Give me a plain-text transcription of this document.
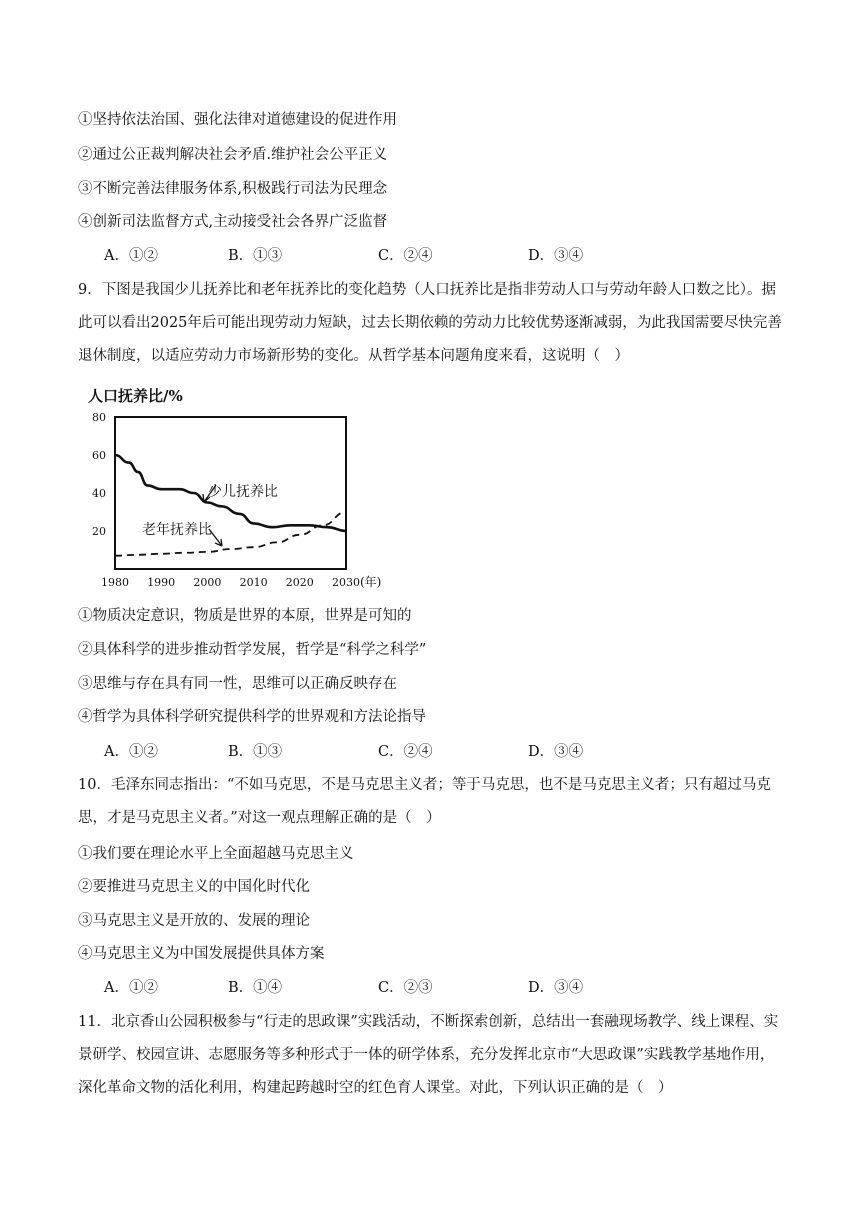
①坚持依法治国、强化法律对道德建设的促进作用
②通过公正裁判解决社会矛盾.维护社会公平正义
③不断完善法律服务体系,积极践行司法为民理念
④创新司法监督方式,主动接受社会各界广泛监督
A．①②	B．①③	C．②④	D．③④
9．下图是我国少儿抚养比和老年抚养比的变化趋势（人口抚养比是指非劳动人口与劳动年龄人口数之比）。据此可以看出2025年后可能出现劳动力短缺，过去长期依赖的劳动力比较优势逐渐减弱，为此我国需要尽快完善退休制度，以适应劳动力市场新形势的变化。从哲学基本问题角度来看，这说明（　）
人口抚养比/%
20
40
60
80
1980 1990 2000 2010 2020 2030
少儿抚养比
老年抚养比
(年)
①物质决定意识，物质是世界的本原，世界是可知的
②具体科学的进步推动哲学发展，哲学是“科学之科学”
③思维与存在具有同一性，思维可以正确反映存在
④哲学为具体科学研究提供科学的世界观和方法论指导
A．①②	B．①③	C．②④	D．③④
10．毛泽东同志指出：“不如马克思，不是马克思主义者；等于马克思，也不是马克思主义者；只有超过马克思，才是马克思主义者。”对这一观点理解正确的是（　）
①我们要在理论水平上全面超越马克思主义
②要推进马克思主义的中国化时代化
③马克思主义是开放的、发展的理论
④马克思主义为中国发展提供具体方案
A．①②	B．①④	C．②③	D．③④
11．北京香山公园积极参与“行走的思政课”实践活动，不断探索创新，总结出一套融现场教学、线上课程、实景研学、校园宣讲、志愿服务等多种形式于一体的研学体系，充分发挥北京市“大思政课”实践教学基地作用，深化革命文物的活化利用，构建起跨越时空的红色育人课堂。对此，下列认识正确的是（　）
